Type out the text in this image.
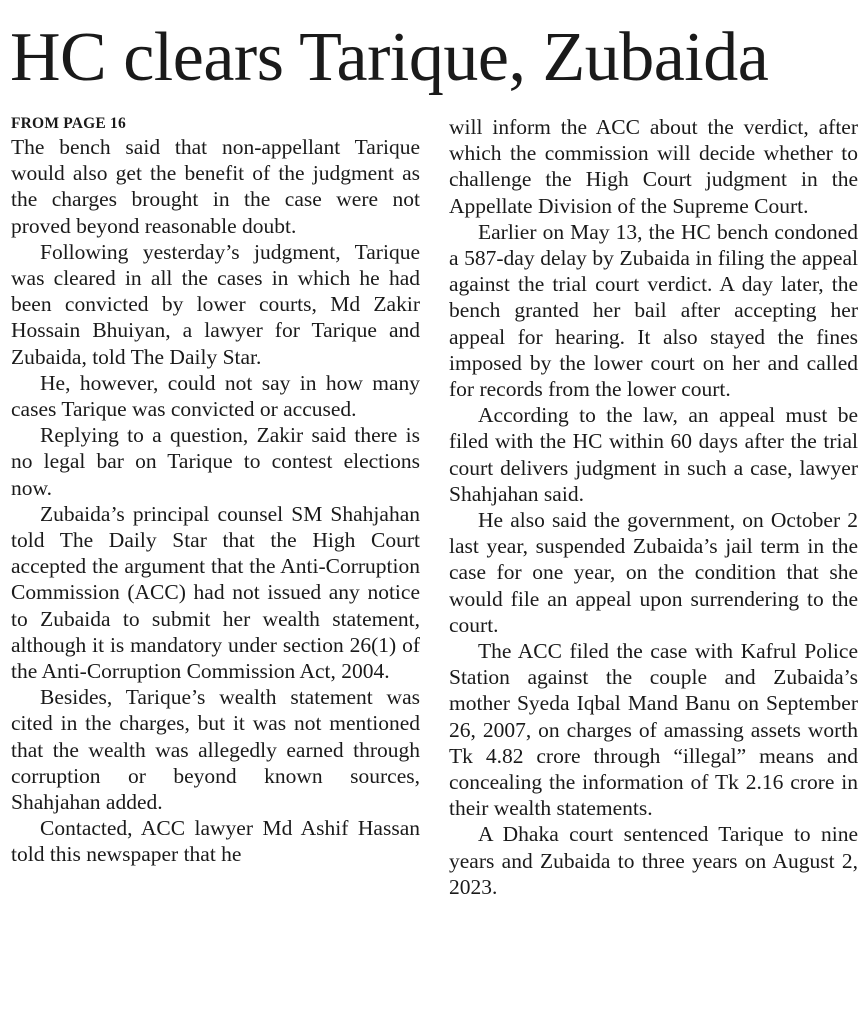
HC clears Tarique, Zubaida
FROM PAGE 16

The bench said that non-appellant Tarique would also get the benefit of the judgment as the charges brought in the case were not proved beyond reasonable doubt.

Following yesterday’s judgment, Tarique was cleared in all the cases in which he had been convicted by lower courts, Md Zakir Hossain Bhuiyan, a lawyer for Tarique and Zubaida, told The Daily Star.

He, however, could not say in how many cases Tarique was convicted or accused.

Replying to a question, Zakir said there is no legal bar on Tarique to contest elections now.

Zubaida’s principal counsel SM Shahjahan told The Daily Star that the High Court accepted the argument that the Anti-Corruption Commission (ACC) had not issued any notice to Zubaida to submit her wealth statement, although it is mandatory under section 26(1) of the Anti-Corruption Commission Act, 2004.

Besides, Tarique’s wealth statement was cited in the charges, but it was not mentioned that the wealth was allegedly earned through corruption or beyond known sources, Shahjahan added.

Contacted, ACC lawyer Md Ashif Hassan told this newspaper that he

will inform the ACC about the verdict, after which the commission will decide whether to challenge the High Court judgment in the Appellate Division of the Supreme Court.

Earlier on May 13, the HC bench condoned a 587-day delay by Zubaida in filing the appeal against the trial court verdict. A day later, the bench granted her bail after accepting her appeal for hearing. It also stayed the fines imposed by the lower court on her and called for records from the lower court.

According to the law, an appeal must be filed with the HC within 60 days after the trial court delivers judgment in such a case, lawyer Shahjahan said.

He also said the government, on October 2 last year, suspended Zubaida’s jail term in the case for one year, on the condition that she would file an appeal upon surrendering to the court.

The ACC filed the case with Kafrul Police Station against the couple and Zubaida’s mother Syeda Iqbal Mand Banu on September 26, 2007, on charges of amassing assets worth Tk 4.82 crore through “illegal” means and concealing the information of Tk 2.16 crore in their wealth statements.

A Dhaka court sentenced Tarique to nine years and Zubaida to three years on August 2, 2023.
